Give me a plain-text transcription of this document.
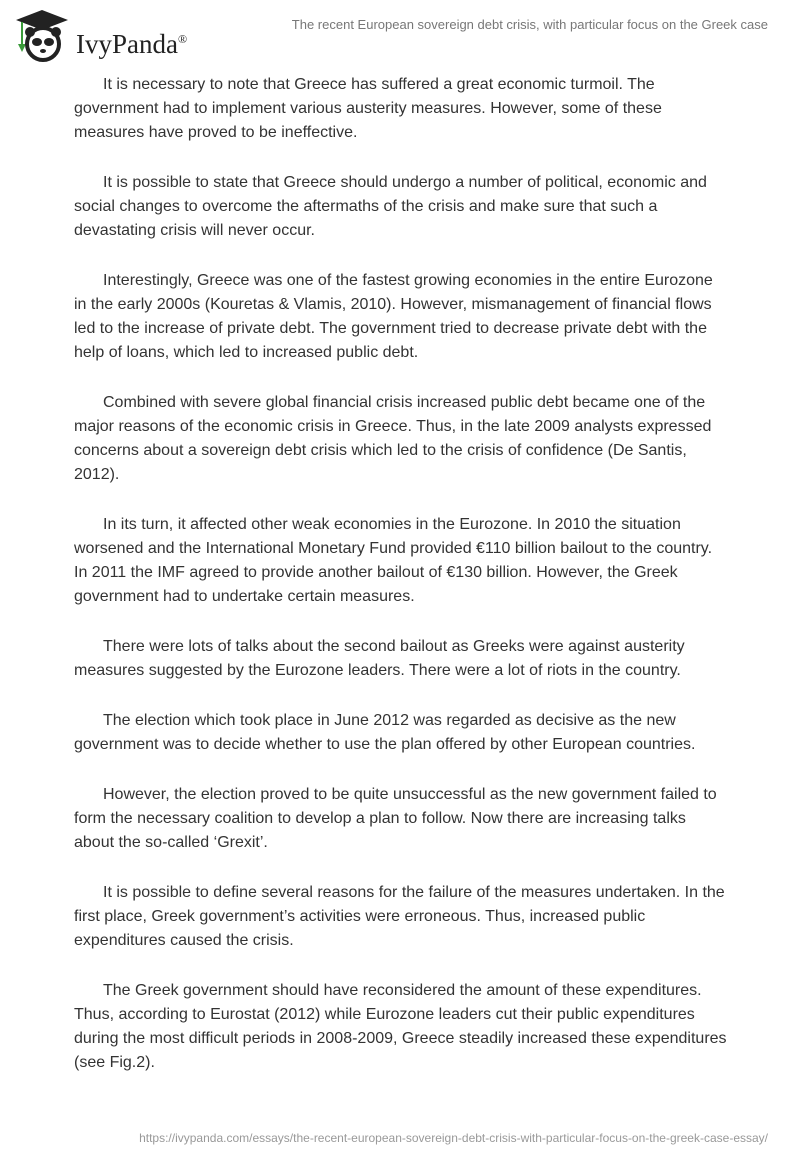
IvyPanda®
The recent European sovereign debt crisis, with particular focus on the Greek case

It is necessary to note that Greece has suffered a great economic turmoil. The government had to implement various austerity measures. However, some of these measures have proved to be ineffective.

It is possible to state that Greece should undergo a number of political, economic and social changes to overcome the aftermaths of the crisis and make sure that such a devastating crisis will never occur.

Interestingly, Greece was one of the fastest growing economies in the entire Eurozone in the early 2000s (Kouretas & Vlamis, 2010). However, mismanagement of financial flows led to the increase of private debt. The government tried to decrease private debt with the help of loans, which led to increased public debt.

Combined with severe global financial crisis increased public debt became one of the major reasons of the economic crisis in Greece. Thus, in the late 2009 analysts expressed concerns about a sovereign debt crisis which led to the crisis of confidence (De Santis, 2012).

In its turn, it affected other weak economies in the Eurozone. In 2010 the situation worsened and the International Monetary Fund provided €110 billion bailout to the country. In 2011 the IMF agreed to provide another bailout of €130 billion. However, the Greek government had to undertake certain measures.

There were lots of talks about the second bailout as Greeks were against austerity measures suggested by the Eurozone leaders. There were a lot of riots in the country.

The election which took place in June 2012 was regarded as decisive as the new government was to decide whether to use the plan offered by other European countries.

However, the election proved to be quite unsuccessful as the new government failed to form the necessary coalition to develop a plan to follow. Now there are increasing talks about the so-called ‘Grexit’.

It is possible to define several reasons for the failure of the measures undertaken. In the first place, Greek government’s activities were erroneous. Thus, increased public expenditures caused the crisis.

The Greek government should have reconsidered the amount of these expenditures. Thus, according to Eurostat (2012) while Eurozone leaders cut their public expenditures during the most difficult periods in 2008-2009, Greece steadily increased these expenditures (see Fig.2).

https://ivypanda.com/essays/the-recent-european-sovereign-debt-crisis-with-particular-focus-on-the-greek-case-essay/
